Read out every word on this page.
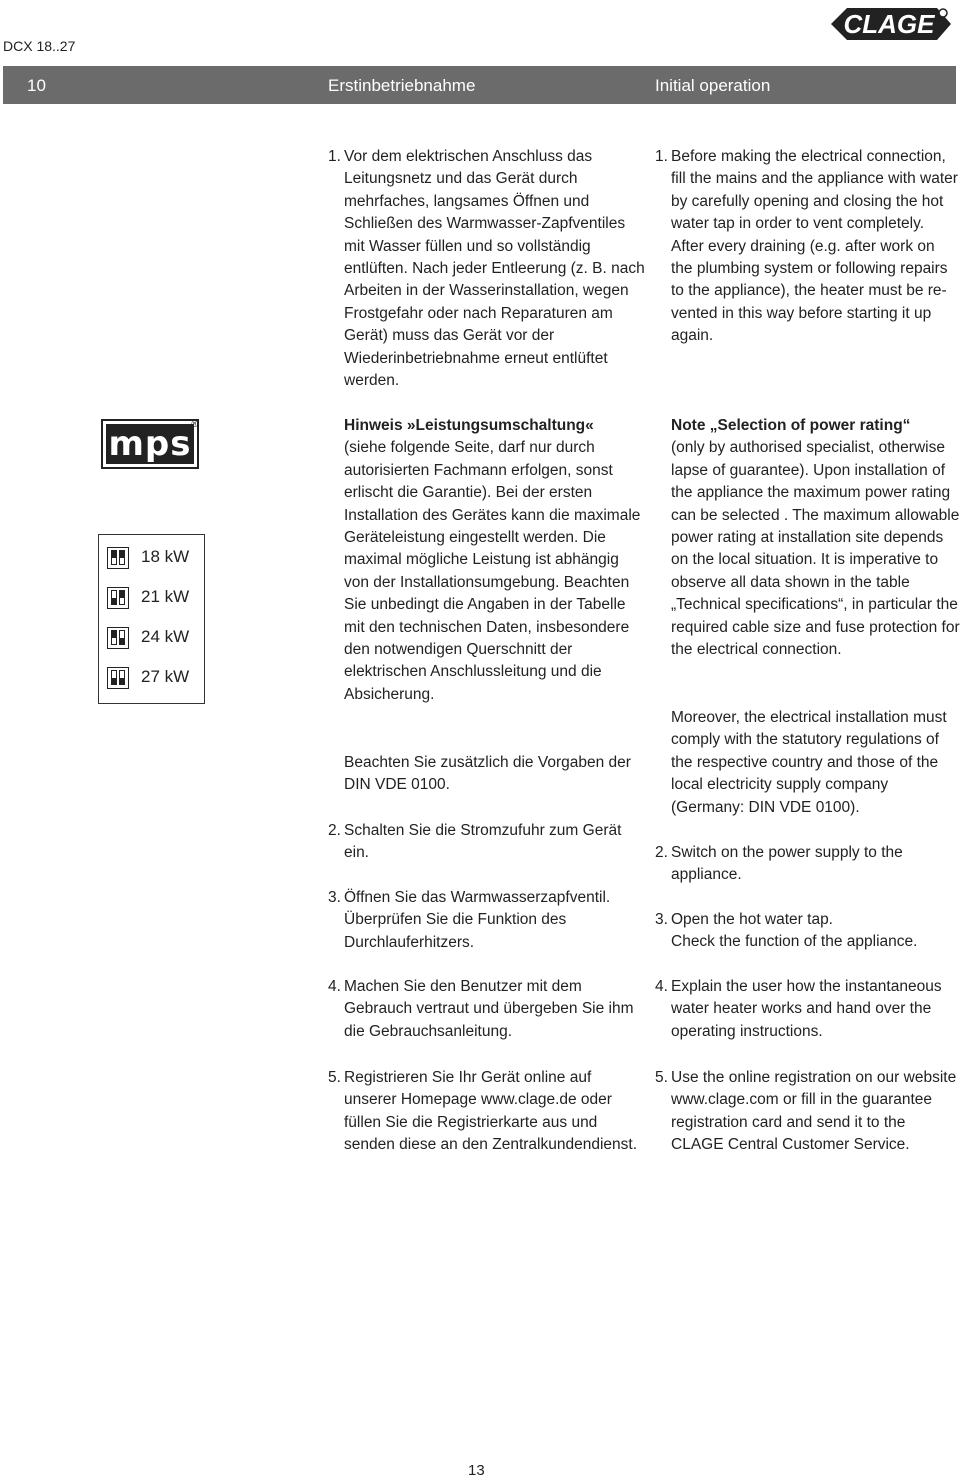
DCX 18..27
CLAGE
10	Erstinbetriebnahme	Initial operation
1. Vor dem elektrischen Anschluss das Leitungsnetz und das Gerät durch mehrfaches, langsames Öffnen und Schließen des Warmwasser-Zapfventiles mit Wasser füllen und so vollständig entlüften. Nach jeder Entleerung (z. B. nach Arbeiten in der Wasserinstallation, wegen Frostgefahr oder nach Reparaturen am Gerät) muss das Gerät vor der Wiederinbetriebnahme erneut entlüftet werden.
Hinweis »Leistungsumschaltung«
(siehe folgende Seite, darf nur durch autorisierten Fachmann erfolgen, sonst erlischt die Garantie). Bei der ersten Installation des Gerätes kann die maximale Geräteleistung eingestellt werden. Die maximal mögliche Leistung ist abhängig von der Installationsumgebung. Beachten Sie unbedingt die Angaben in der Tabelle mit den technischen Daten, insbesondere den notwendigen Querschnitt der elektrischen Anschlussleitung und die Absicherung.
Beachten Sie zusätzlich die Vorgaben der DIN VDE 0100.
2. Schalten Sie die Stromzufuhr zum Gerät ein.
3. Öffnen Sie das Warmwasserzapfventil. Überprüfen Sie die Funktion des Durchlauferhitzers.
4. Machen Sie den Benutzer mit dem Gebrauch vertraut und übergeben Sie ihm die Gebrauchsanleitung.
5. Registrieren Sie Ihr Gerät online auf unserer Homepage www.clage.de oder füllen Sie die Registrierkarte aus und senden diese an den Zentralkundendienst.
1. Before making the electrical connection, fill the mains and the appliance with water by carefully opening and closing the hot water tap in order to vent completely.
After every draining (e.g. after work on the plumbing system or following repairs to the appliance), the heater must be re-vented in this way before starting it up again.
Note „Selection of power rating“
(only by authorised specialist, otherwise lapse of guarantee). Upon installation of the appliance the maximum power rating can be selected . The maximum allowable power rating at installation site depends on the local situation. It is imperative to observe all data shown in the table „Technical specifications“, in particular the required cable size and fuse protection for the electrical connection.
Moreover, the electrical installation must comply with the statutory regulations of the respective country and those of the local electricity supply company (Germany: DIN VDE 0100).
2. Switch on the power supply to the appliance.
3. Open the hot water tap.
Check the function of the appliance.
4. Explain the user how the instantaneous water heater works and hand over the operating instructions.
5. Use the online registration on our website www.clage.com or fill in the guarantee registration card and send it to the CLAGE Central Customer Service.
mps ®
18 kW
21 kW
24 kW
27 kW
13
